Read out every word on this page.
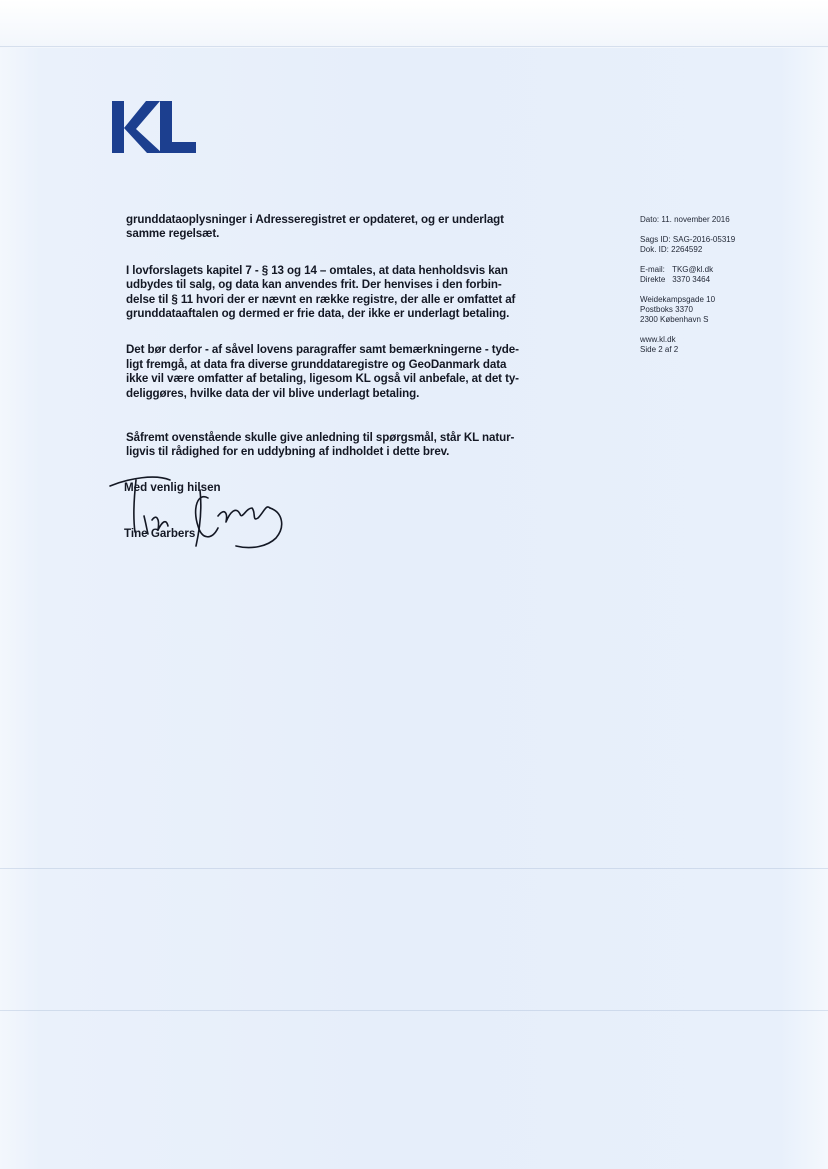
grunddataoplysninger i Adresseregistret er opdateret, og er underlagt
samme regelsæt.

I lovforslagets kapitel 7 - § 13 og 14 – omtales, at data henholdsvis kan
udbydes til salg, og data kan anvendes frit. Der henvises i den forbin-
delse til § 11 hvori der er nævnt en række registre, der alle er omfattet af
grunddataaftalen og dermed er frie data, der ikke er underlagt betaling.

Det bør derfor - af såvel lovens paragraffer samt bemærkningerne - tyde-
ligt fremgå, at data fra diverse grunddataregistre og GeoDanmark data
ikke vil være omfatter af betaling, ligesom KL også vil anbefale, at det ty-
deliggøres, hvilke data der vil blive underlagt betaling.

Såfremt ovenstående skulle give anledning til spørgsmål, står KL natur-
ligvis til rådighed for en uddybning af indholdet i dette brev.

Dato: 11. november 2016
Sags ID: SAG-2016-05319
Dok. ID: 2264592
E-mail: TKG@kl.dk
Direkte 3370 3464
Weidekampsgade 10
Postboks 3370
2300 København S
www.kl.dk
Side 2 af 2
Med venlig hilsen
Tine Garbers
